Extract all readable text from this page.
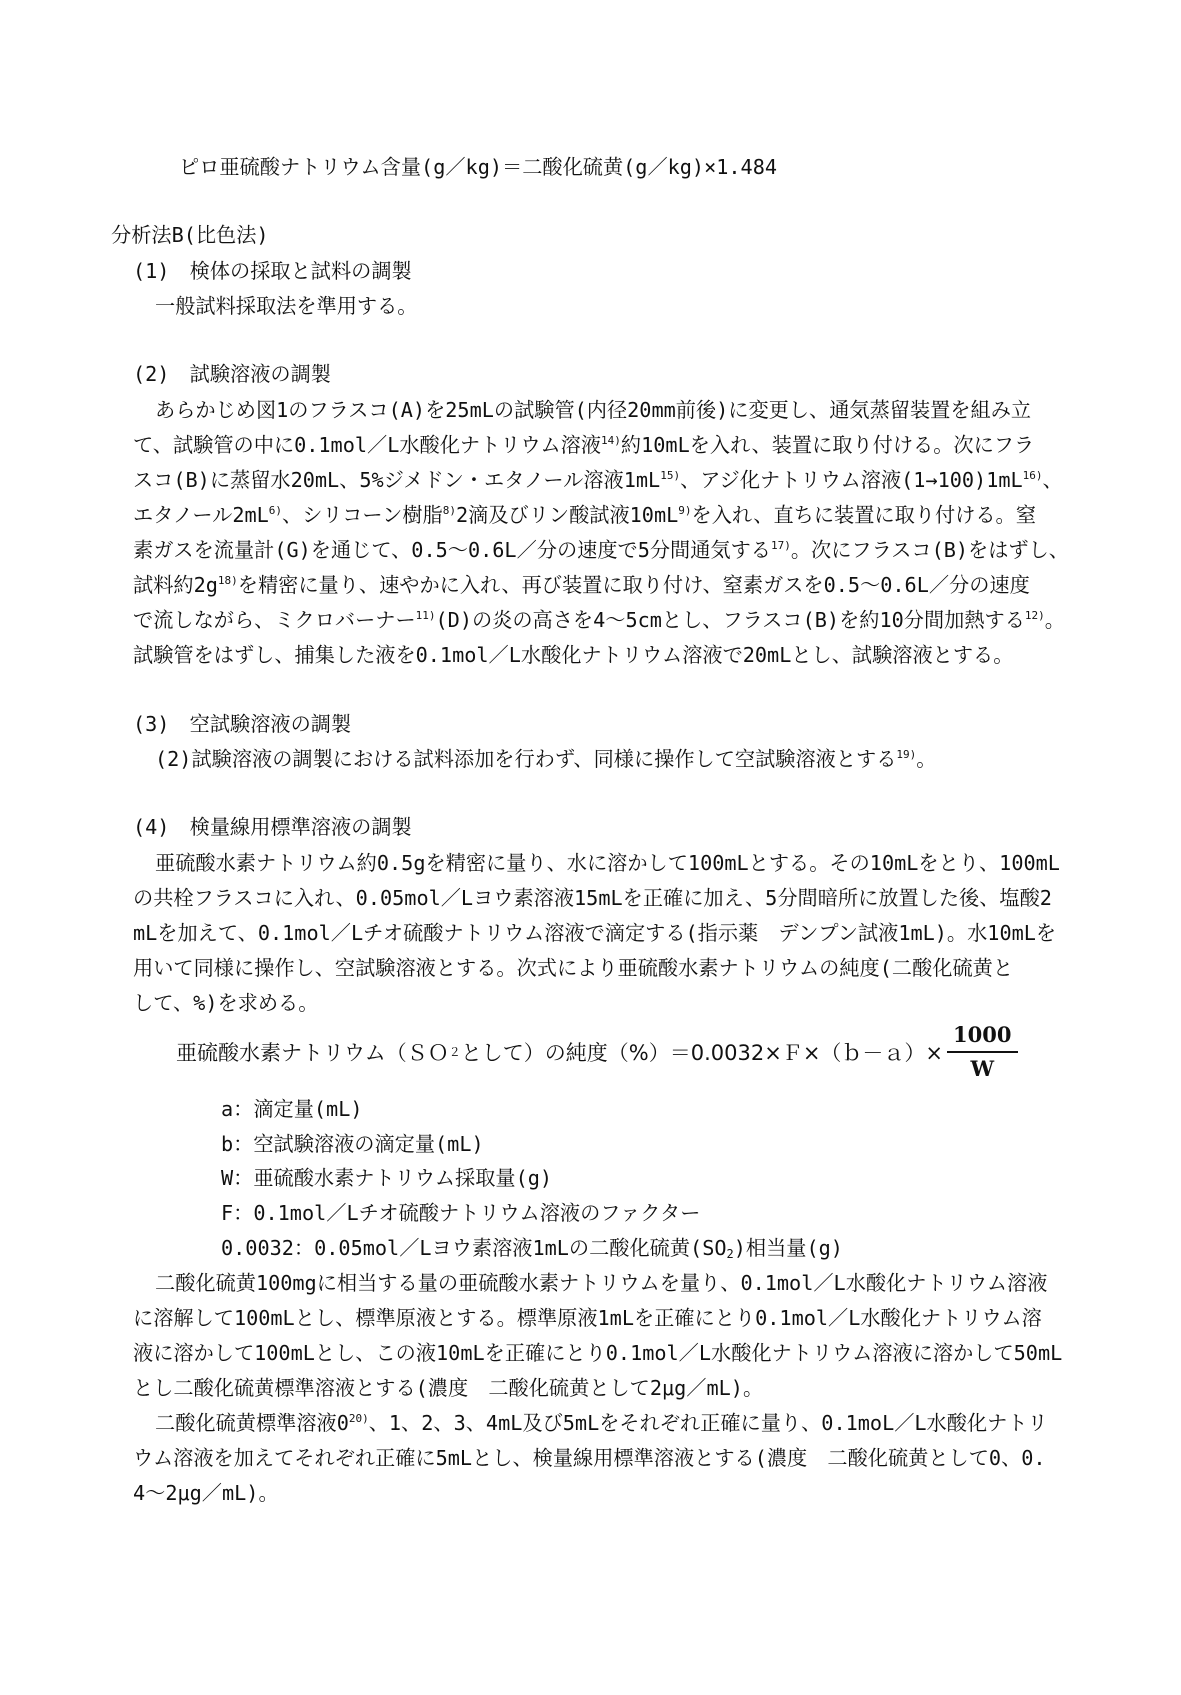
ピロ亜硫酸ナトリウム含量(g／kg)＝二酸化硫黄(g／kg)×1.484

分析法B(比色法)

(1)　検体の採取と試料の調製

一般試料採取法を準用する。

(2)　試験溶液の調製

あらかじめ図1のフラスコ(A)を25mLの試験管(内径20mm前後)に変更し、通気蒸留装置を組み立

て、試験管の中に0.1mol／L水酸化ナトリウム溶液$^{14)}$約10mLを入れ、装置に取り付ける。次にフラ

スコ(B)に蒸留水20mL、5%ジメドン・エタノール溶液$1mL^{15)}$、アジ化ナトリウム溶液$(1\to 100)1mL^{16)}$、

エタノール$2mL^{6)}$、シリコーン樹脂$^{8)}$2滴及びリン酸試液$10mL^{9)}$を入れ、直ちに装置に取り付ける。窒

素ガスを流量計(G)を通じて、0.5～0.6L／分の速度で5分間通気する$^{17)}$。次にフラスコ(B)をはずし、

試料約$2g^{18)}$を精密に量り、速やかに入れ、再び装置に取り付け、窒素ガスを0.5～0.6L／分の速度

で流しながら、ミクロバーナー$^{11)}$(D)の炎の高さを4～5cmとし、フラスコ(B)を約10分間加熱する$^{12)}$。

試験管をはずし、捕集した液を0.1mol／L水酸化ナトリウム溶液で20mLとし、試験溶液とする。

(3)　空試験溶液の調製

(2)試験溶液の調製における試料添加を行わず、同様に操作して空試験溶液とする$^{19)}$。

(4)　検量線用標準溶液の調製

亜硫酸水素ナトリウム約0.5gを精密に量り、水に溶かして100mLとする。その10mLをとり、100mL

の共栓フラスコに入れ、0.05mol／Lヨウ素溶液15mLを正確に加え、5分間暗所に放置した後、塩酸2

mLを加えて、0.1mol／Lチオ硫酸ナトリウム溶液で滴定する(指示薬　デンプン試液1mL)。水10mLを

用いて同様に操作し、空試験溶液とする。次式により亜硫酸水素ナトリウムの純度(二酸化硫黄と

して、%)を求める。

亜硫酸水素ナトリウム（ＳＯ ２ として）の純度（%）＝0.0032×Ｆ×（ｂ－ａ）× $\frac{1000}{W}$

a：滴定量(mL)

b：空試験溶液の滴定量(mL)

W：亜硫酸水素ナトリウム採取量(g)

F：0.1mol／Lチオ硫酸ナトリウム溶液のファクター

0.0032：0.05mol／Lヨウ素溶液1mLの二酸化硫黄$(SO_2)$相当量(g)

二酸化硫黄100mgに相当する量の亜硫酸水素ナトリウムを量り、0.1mol／L水酸化ナトリウム溶液

に溶解して100mLとし、標準原液とする。標準原液1mLを正確にとり0.1mol／L水酸化ナトリウム溶

液に溶かして100mLとし、この液10mLを正確にとり0.1mol／L水酸化ナトリウム溶液に溶かして50mL

とし二酸化硫黄標準溶液とする(濃度　二酸化硫黄として2μg／mL)。

二酸化硫黄標準溶液0$^{20)}$、1、2、3、4mL及び5mLをそれぞれ正確に量り、0.1moL／L水酸化ナトリ

ウム溶液を加えてそれぞれ正確に5mLとし、検量線用標準溶液とする(濃度　二酸化硫黄として0、0.

4～2μg／mL)。
